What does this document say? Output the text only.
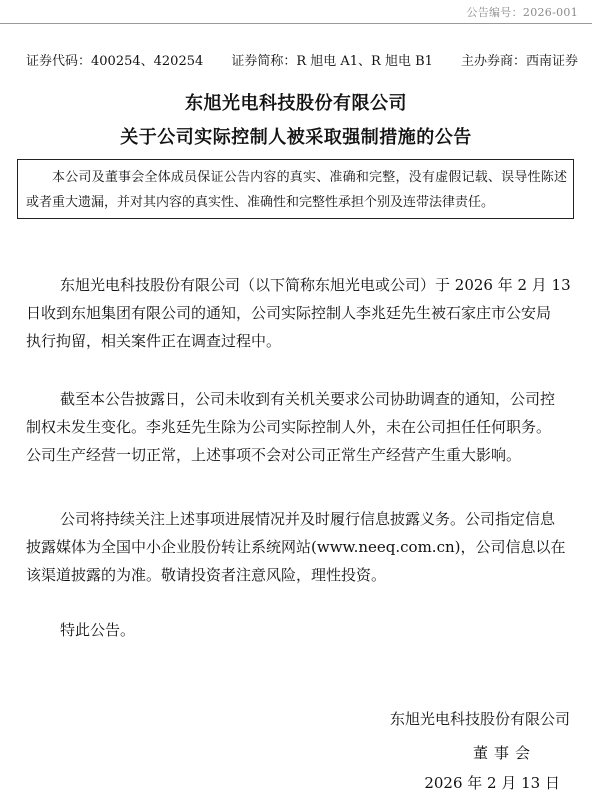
公告编号：2026-001
证券代码：400254、420254 证券简称：R 旭电 A1、R 旭电 B1 主办券商：西南证券
东旭光电科技股份有限公司
关于公司实际控制人被采取强制措施的公告

本公司及董事会全体成员保证公告内容的真实、准确和完整，没有虚假记载、误导性陈述或者重大遗漏，并对其内容的真实性、准确性和完整性承担个别及连带法律责任。

东旭光电科技股份有限公司（以下简称东旭光电或公司）于 2026 年 2 月 13

日收到东旭集团有限公司的通知，公司实际控制人李兆廷先生被石家庄市公安局

执行拘留，相关案件正在调查过程中。

截至本公告披露日，公司未收到有关机关要求公司协助调查的通知，公司控

制权未发生变化。李兆廷先生除为公司实际控制人外，未在公司担任任何职务。

公司生产经营一切正常，上述事项不会对公司正常生产经营产生重大影响。

公司将持续关注上述事项进展情况并及时履行信息披露义务。公司指定信息

披露媒体为全国中小企业股份转让系统网站(www.neeq.com.cn)，公司信息以在

该渠道披露的为准。敬请投资者注意风险，理性投资。

特此公告。

东旭光电科技股份有限公司
董事会
2026 年 2 月 13 日
